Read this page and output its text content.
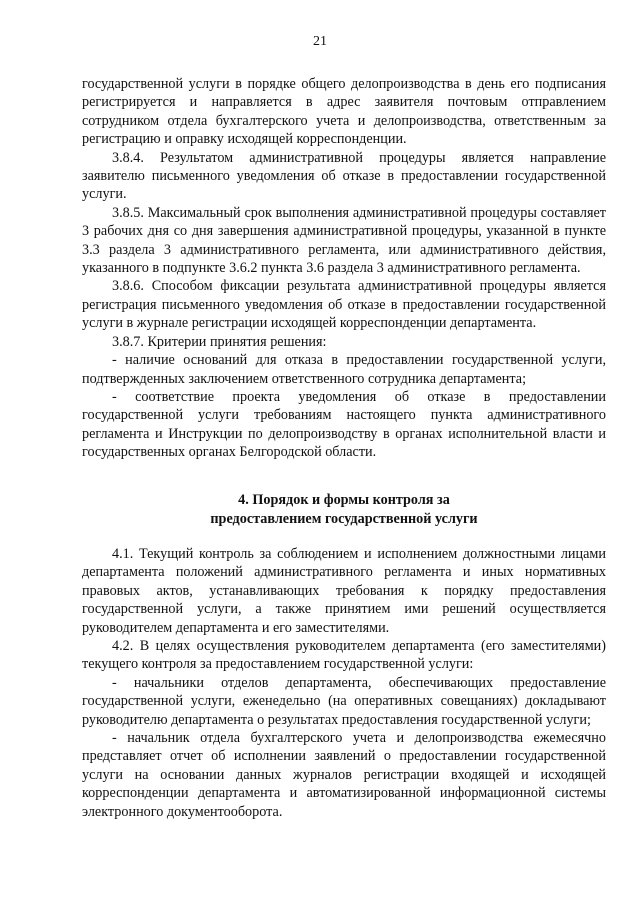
21

государственной услуги в порядке общего делопроизводства в день его подписания регистрируется и направляется в адрес заявителя почтовым отправлением сотрудником отдела бухгалтерского учета и делопроизводства, ответственным за регистрацию и оправку исходящей корреспонденции.

3.8.4. Результатом административной процедуры является направление заявителю письменного уведомления об отказе в предоставлении государственной услуги.

3.8.5. Максимальный срок выполнения административной процедуры составляет 3 рабочих дня со дня завершения административной процедуры, указанной в пункте 3.3 раздела 3 административного регламента, или административного действия, указанного в подпункте 3.6.2 пункта 3.6 раздела 3 административного регламента.

3.8.6. Способом фиксации результата административной процедуры является регистрация письменного уведомления об отказе в предоставлении государственной услуги в журнале регистрации исходящей корреспонденции департамента.

3.8.7. Критерии принятия решения:

- наличие оснований для отказа в предоставлении государственной услуги, подтвержденных заключением ответственного сотрудника департамента;

- соответствие проекта уведомления об отказе в предоставлении государственной услуги требованиям настоящего пункта административного регламента и Инструкции по делопроизводству в органах исполнительной власти и государственных органах Белгородской области.

4. Порядок и формы контроля за
предоставлением государственной услуги

4.1. Текущий контроль за соблюдением и исполнением должностными лицами департамента положений административного регламента и иных нормативных правовых актов, устанавливающих требования к порядку предоставления государственной услуги, а также принятием ими решений осуществляется руководителем департамента и его заместителями.

4.2. В целях осуществления руководителем департамента (его заместителями) текущего контроля за предоставлением государственной услуги:

- начальники отделов департамента, обеспечивающих предоставление государственной услуги, еженедельно (на оперативных совещаниях) докладывают руководителю департамента о результатах предоставления государственной услуги;

- начальник отдела бухгалтерского учета и делопроизводства ежемесячно представляет отчет об исполнении заявлений о предоставлении государственной услуги на основании данных журналов регистрации входящей и исходящей корреспонденции департамента и автоматизированной информационной системы электронного документооборота.
